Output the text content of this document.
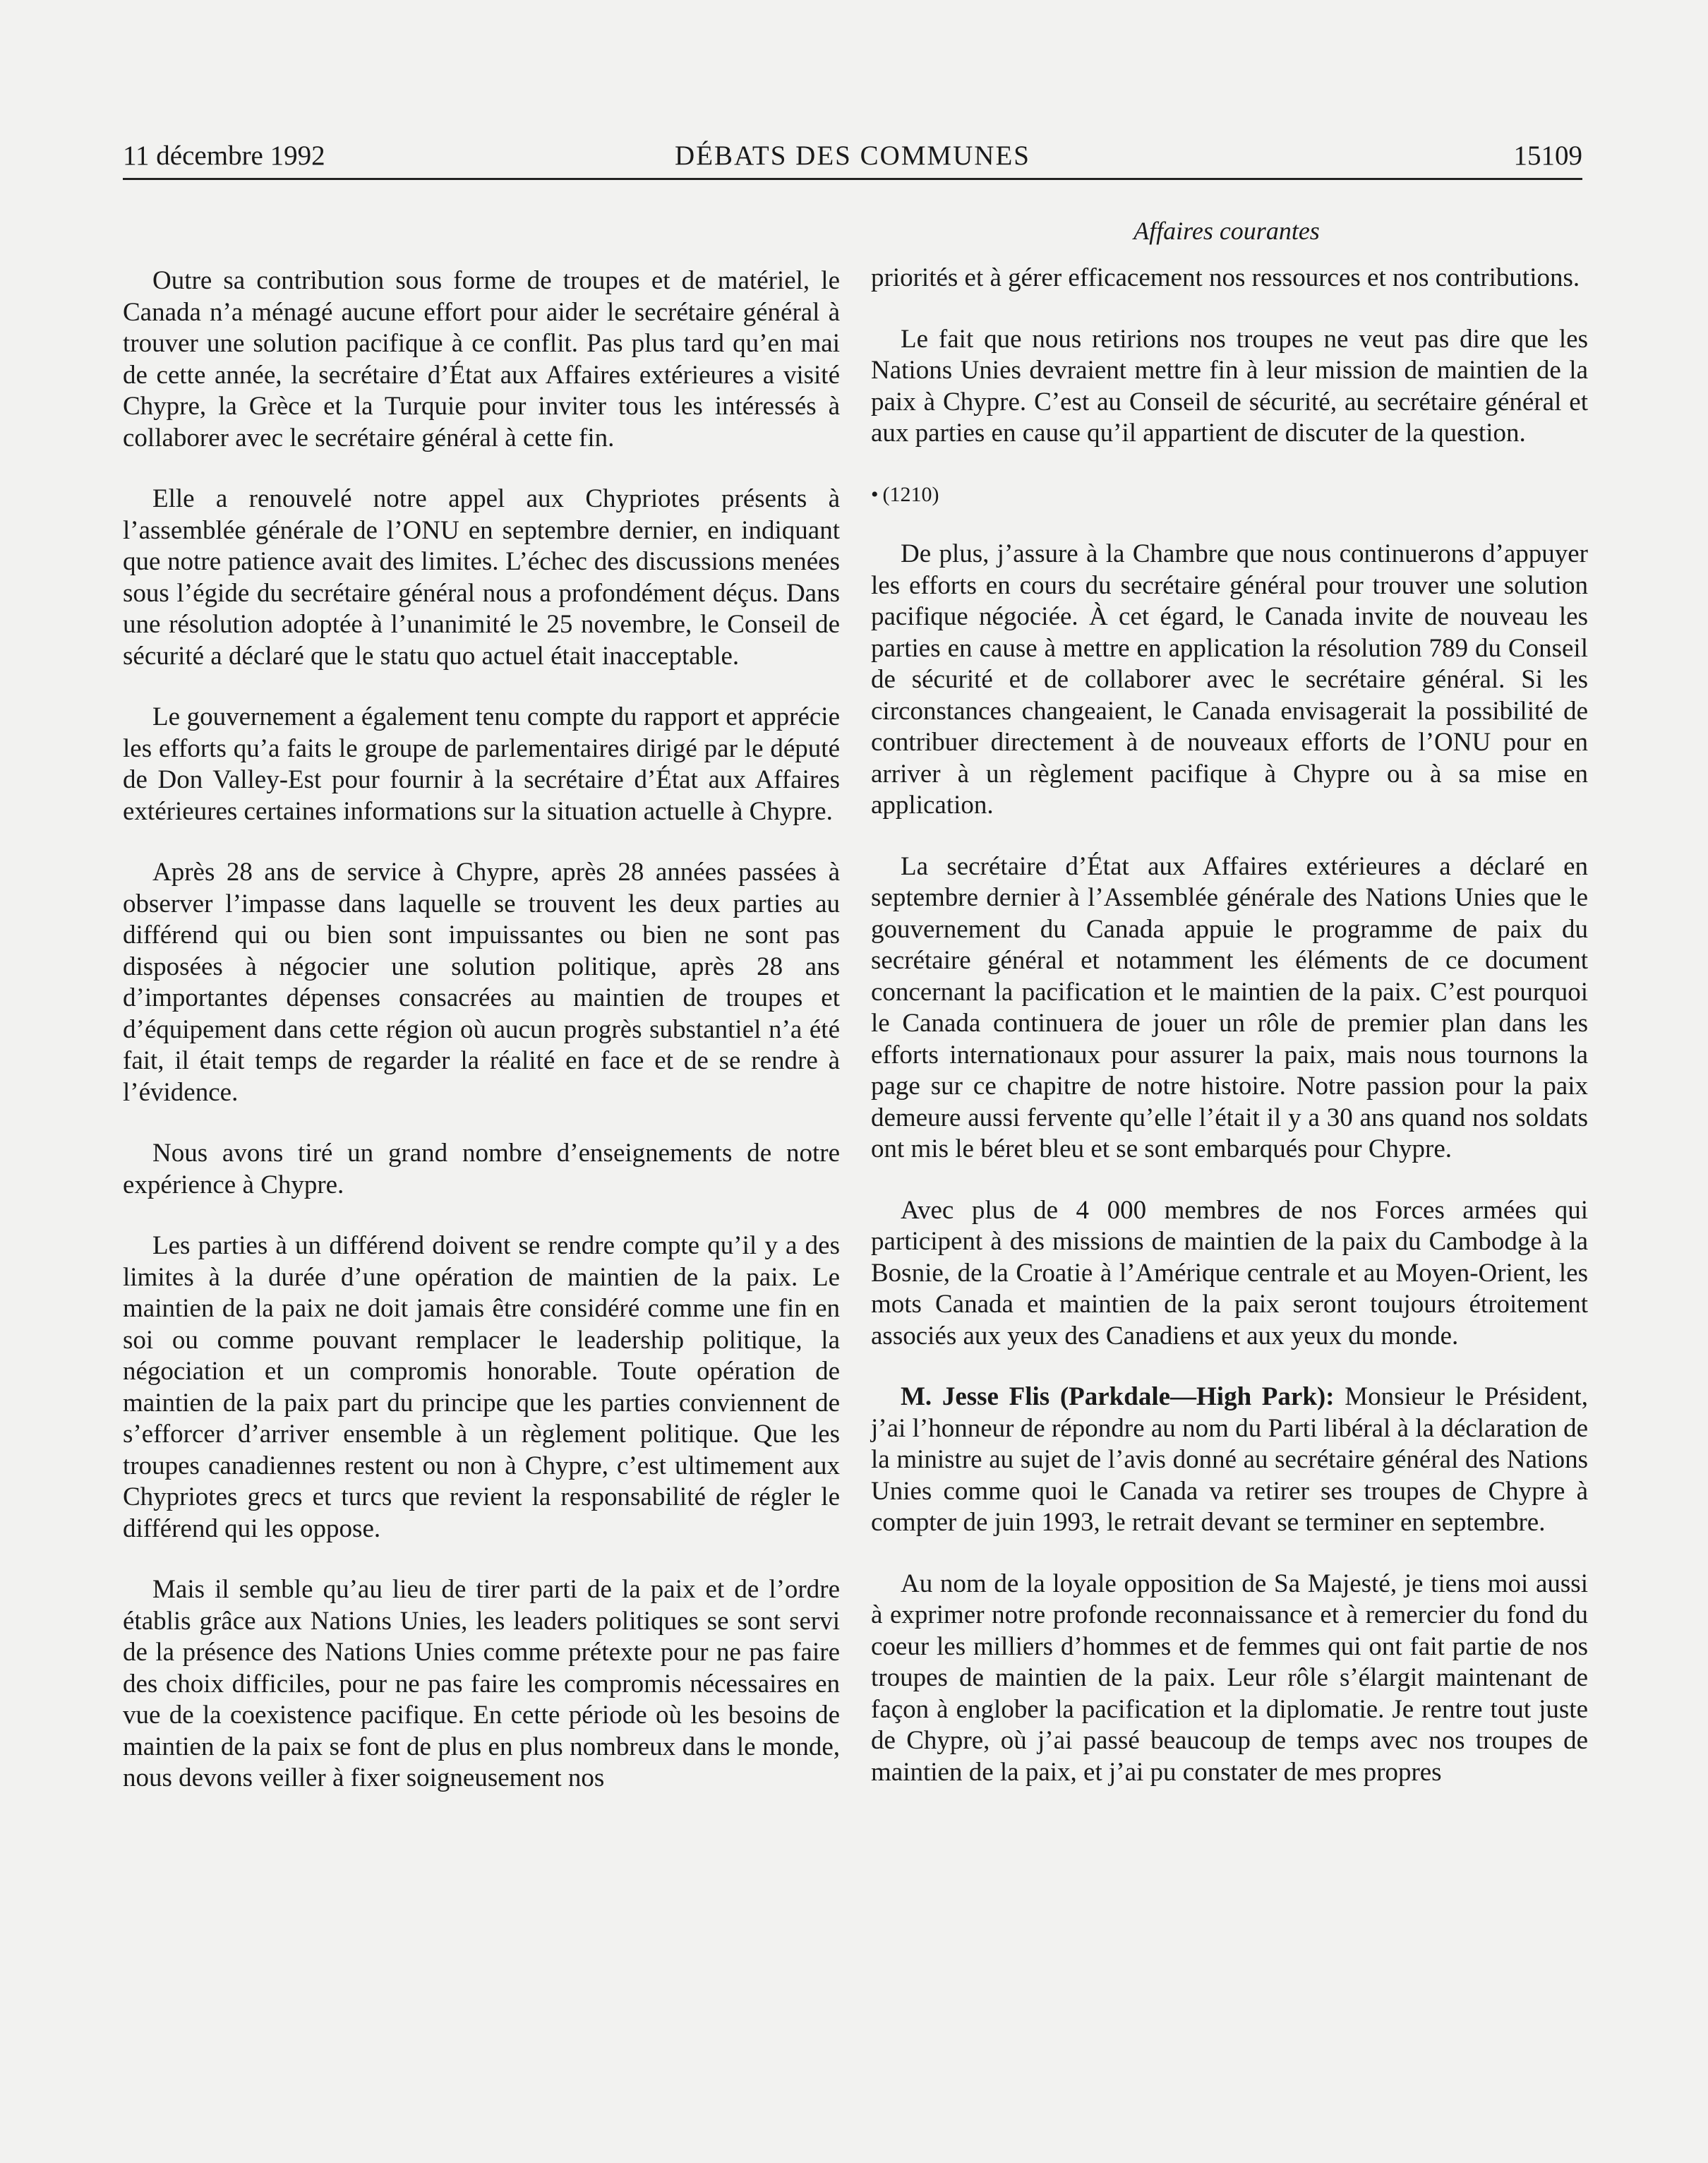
11 décembre 1992	DÉBATS DES COMMUNES	15109
Affaires courantes

Outre sa contribution sous forme de troupes et de matériel, le Canada n’a ménagé aucune effort pour aider le secrétaire général à trouver une solution pacifique à ce conflit. Pas plus tard qu’en mai de cette année, la secrétaire d’État aux Affaires extérieures a visité Chypre, la Grèce et la Turquie pour inviter tous les intéressés à collaborer avec le secrétaire général à cette fin.

Elle a renouvelé notre appel aux Chypriotes présents à l’assemblée générale de l’ONU en septembre dernier, en indiquant que notre patience avait des limites. L’échec des discussions menées sous l’égide du secrétaire général nous a profondément déçus. Dans une résolution adoptée à l’unanimité le 25 novembre, le Conseil de sécurité a déclaré que le statu quo actuel était inacceptable.

Le gouvernement a également tenu compte du rapport et apprécie les efforts qu’a faits le groupe de parlementaires dirigé par le député de Don Valley-Est pour fournir à la secrétaire d’État aux Affaires extérieures certaines informations sur la situation actuelle à Chypre.

Après 28 ans de service à Chypre, après 28 années passées à observer l’impasse dans laquelle se trouvent les deux parties au différend qui ou bien sont impuissantes ou bien ne sont pas disposées à négocier une solution politique, après 28 ans d’importantes dépenses consacrées au maintien de troupes et d’équipement dans cette région où aucun progrès substantiel n’a été fait, il était temps de regarder la réalité en face et de se rendre à l’évidence.

Nous avons tiré un grand nombre d’enseignements de notre expérience à Chypre.

Les parties à un différend doivent se rendre compte qu’il y a des limites à la durée d’une opération de maintien de la paix. Le maintien de la paix ne doit jamais être considéré comme une fin en soi ou comme pouvant remplacer le leadership politique, la négociation et un compromis honorable. Toute opération de maintien de la paix part du principe que les parties conviennent de s’efforcer d’arriver ensemble à un règlement politique. Que les troupes canadiennes restent ou non à Chypre, c’est ultimement aux Chypriotes grecs et turcs que revient la responsabilité de régler le différend qui les oppose.

Mais il semble qu’au lieu de tirer parti de la paix et de l’ordre établis grâce aux Nations Unies, les leaders politiques se sont servi de la présence des Nations Unies comme prétexte pour ne pas faire des choix difficiles, pour ne pas faire les compromis nécessaires en vue de la coexistence pacifique. En cette période où les besoins de maintien de la paix se font de plus en plus nombreux dans le monde, nous devons veiller à fixer soigneusement nos

priorités et à gérer efficacement nos ressources et nos contributions.

Le fait que nous retirions nos troupes ne veut pas dire que les Nations Unies devraient mettre fin à leur mission de maintien de la paix à Chypre. C’est au Conseil de sécurité, au secrétaire général et aux parties en cause qu’il appartient de discuter de la question.

• (1210)

De plus, j’assure à la Chambre que nous continuerons d’appuyer les efforts en cours du secrétaire général pour trouver une solution pacifique négociée. À cet égard, le Canada invite de nouveau les parties en cause à mettre en application la résolution 789 du Conseil de sécurité et de collaborer avec le secrétaire général. Si les circonstances changeaient, le Canada envisagerait la possibilité de contribuer directement à de nouveaux efforts de l’ONU pour en arriver à un règlement pacifique à Chypre ou à sa mise en application.

La secrétaire d’État aux Affaires extérieures a déclaré en septembre dernier à l’Assemblée générale des Nations Unies que le gouvernement du Canada appuie le programme de paix du secrétaire général et notamment les éléments de ce document concernant la pacification et le maintien de la paix. C’est pourquoi le Canada continuera de jouer un rôle de premier plan dans les efforts internationaux pour assurer la paix, mais nous tournons la page sur ce chapitre de notre histoire. Notre passion pour la paix demeure aussi fervente qu’elle l’était il y a 30 ans quand nos soldats ont mis le béret bleu et se sont embarqués pour Chypre.

Avec plus de 4 000 membres de nos Forces armées qui participent à des missions de maintien de la paix du Cambodge à la Bosnie, de la Croatie à l’Amérique centrale et au Moyen-Orient, les mots Canada et maintien de la paix seront toujours étroitement associés aux yeux des Canadiens et aux yeux du monde.

M. Jesse Flis (Parkdale—High Park): Monsieur le Président, j’ai l’honneur de répondre au nom du Parti libéral à la déclaration de la ministre au sujet de l’avis donné au secrétaire général des Nations Unies comme quoi le Canada va retirer ses troupes de Chypre à compter de juin 1993, le retrait devant se terminer en septembre.

Au nom de la loyale opposition de Sa Majesté, je tiens moi aussi à exprimer notre profonde reconnaissance et à remercier du fond du coeur les milliers d’hommes et de femmes qui ont fait partie de nos troupes de maintien de la paix. Leur rôle s’élargit maintenant de façon à englober la pacification et la diplomatie. Je rentre tout juste de Chypre, où j’ai passé beaucoup de temps avec nos troupes de maintien de la paix, et j’ai pu constater de mes propres
